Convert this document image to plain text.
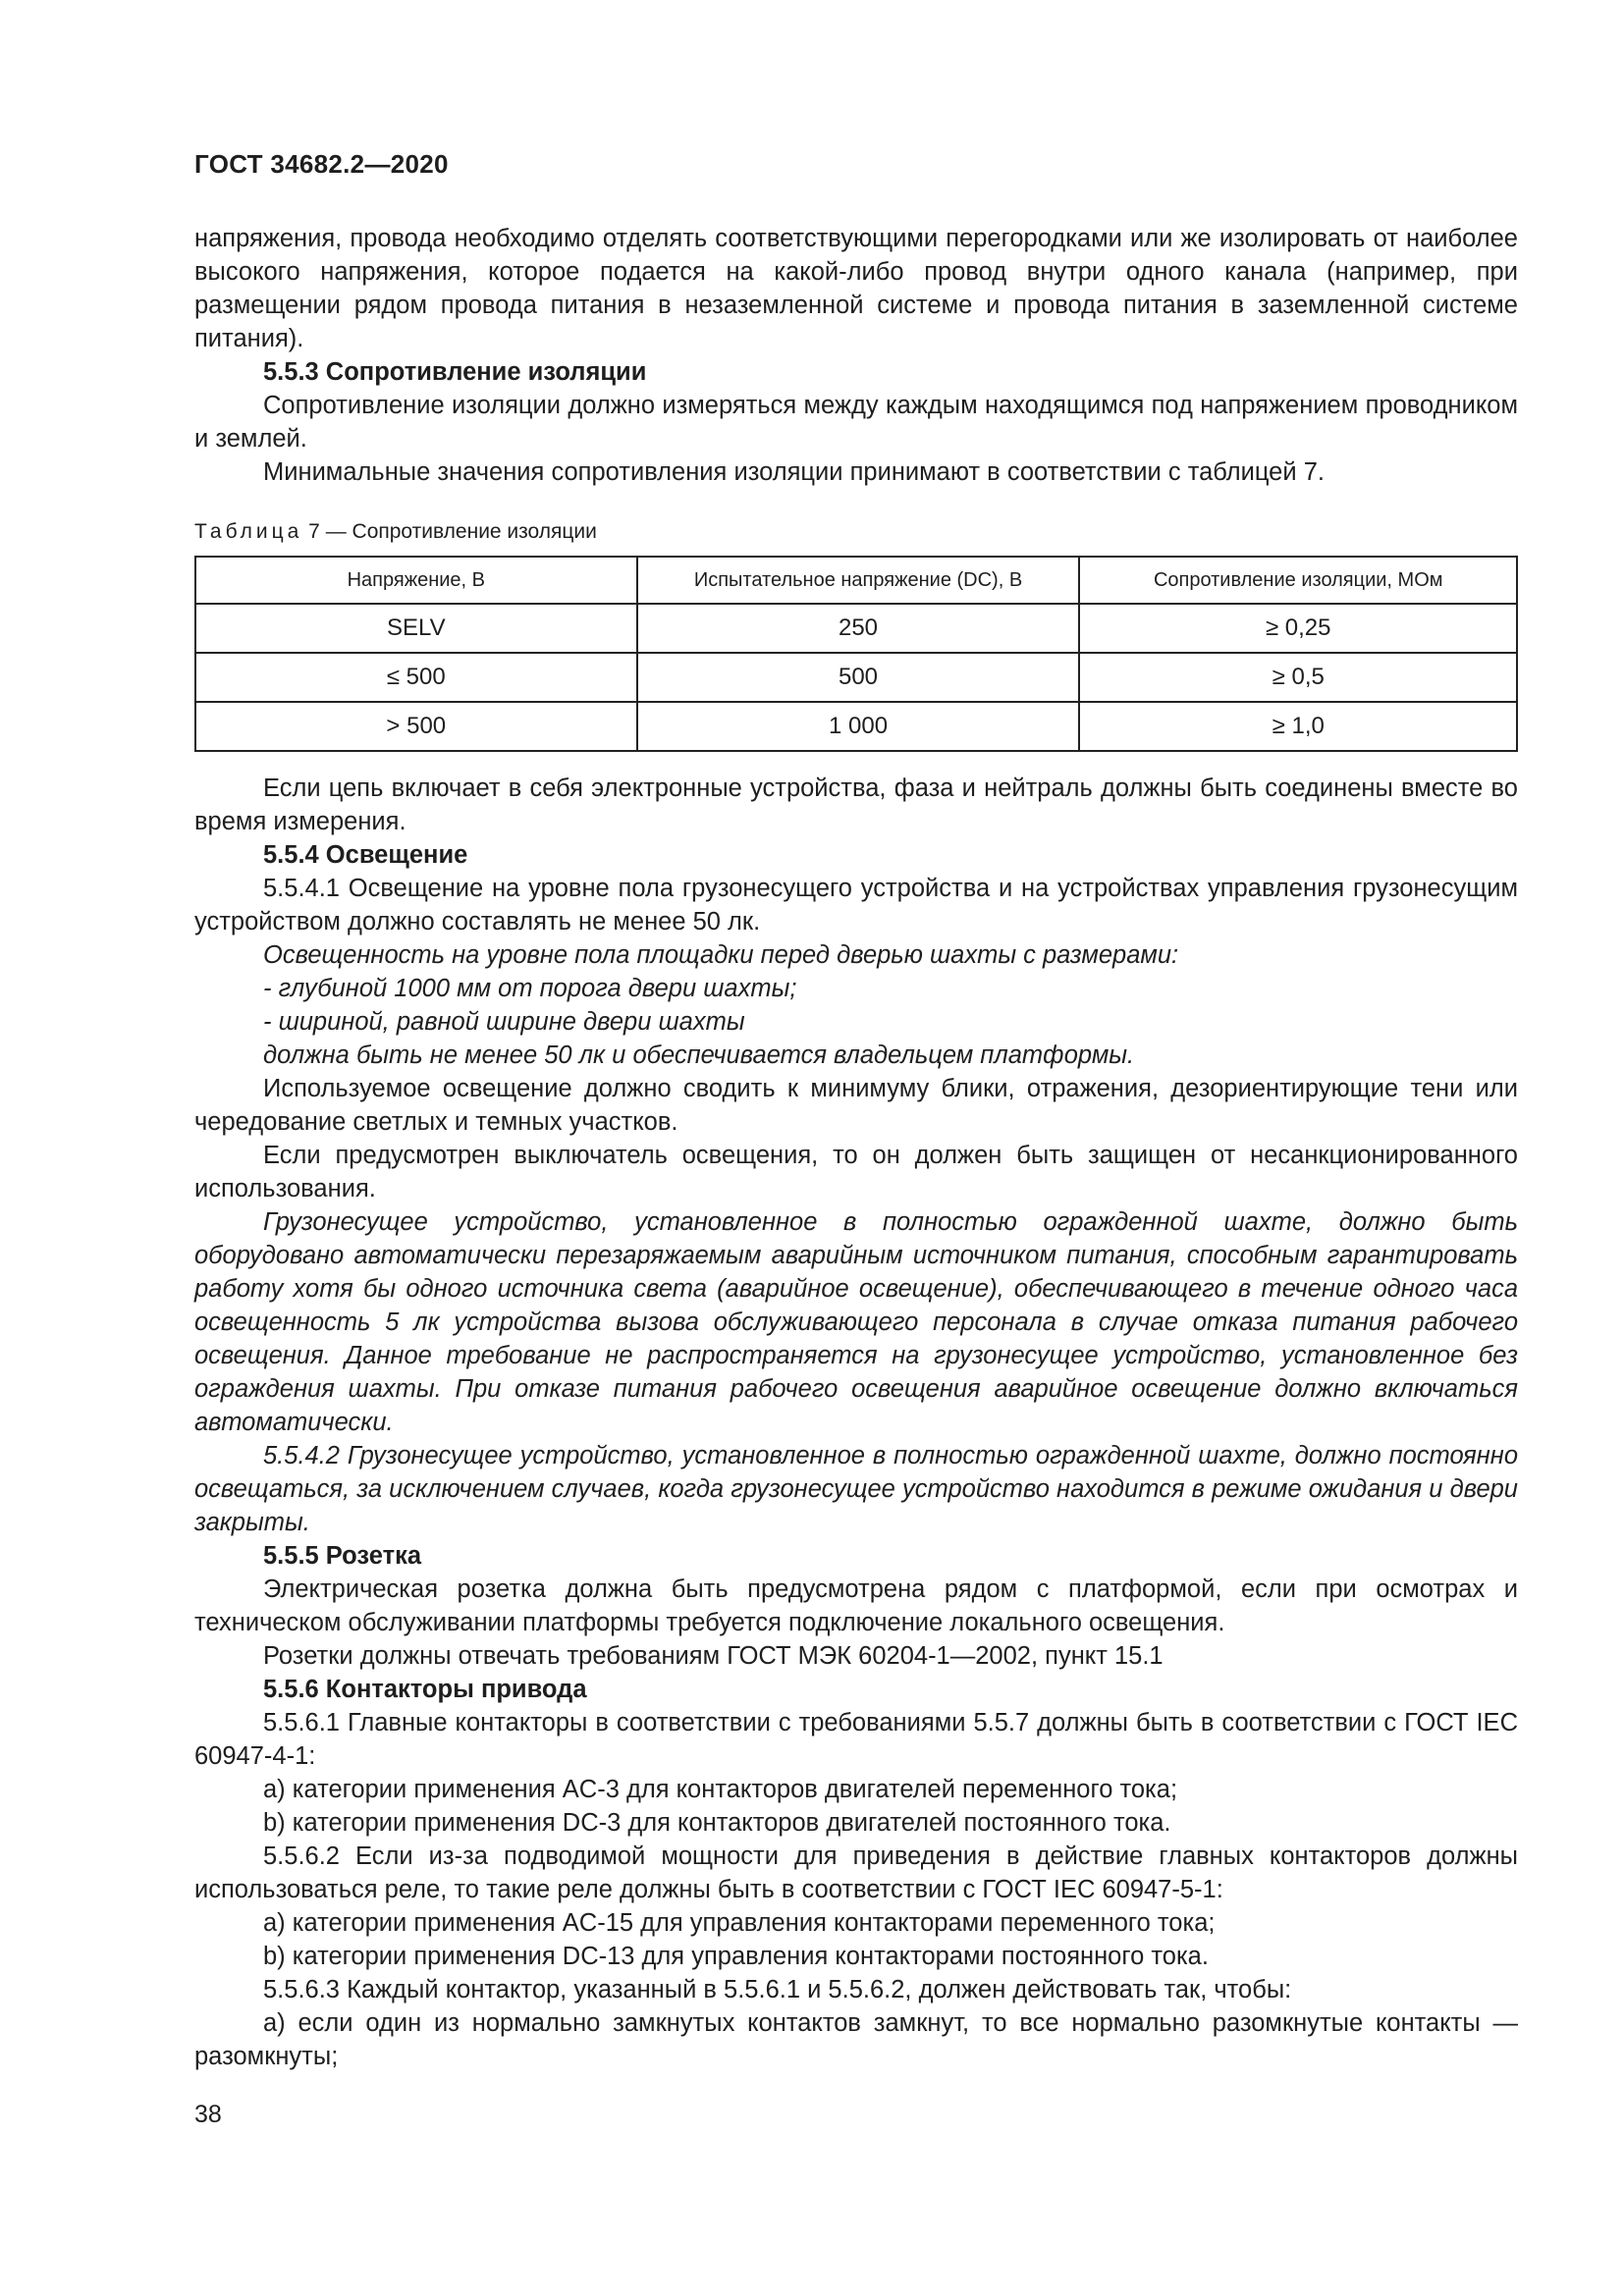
ГОСТ 34682.2—2020

напряжения, провода необходимо отделять соответствующими перегородками или же изолировать от наиболее высокого напряжения, которое подается на какой-либо провод внутри одного канала (например, при размещении рядом провода питания в незаземленной системе и провода питания в заземленной системе питания).

5.5.3 Сопротивление изоляции

Сопротивление изоляции должно измеряться между каждым находящимся под напряжением проводником и землей.

Минимальные значения сопротивления изоляции принимают в соответствии с таблицей 7.

Таблица 7 — Сопротивление изоляции
Напряжение, В	Испытательное напряжение (DC), В	Сопротивление изоляции, МОм
SELV	250	≥ 0,25
≤ 500	500	≥ 0,5
> 500	1 000	≥ 1,0

Если цепь включает в себя электронные устройства, фаза и нейтраль должны быть соединены вместе во время измерения.

5.5.4 Освещение

5.5.4.1 Освещение на уровне пола грузонесущего устройства и на устройствах управления грузонесущим устройством должно составлять не менее 50 лк.

Освещенность на уровне пола площадки перед дверью шахты с размерами:

- глубиной 1000 мм от порога двери шахты;

- шириной, равной ширине двери шахты

должна быть не менее 50 лк и обеспечивается владельцем платформы.

Используемое освещение должно сводить к минимуму блики, отражения, дезориентирующие тени или чередование светлых и темных участков.

Если предусмотрен выключатель освещения, то он должен быть защищен от несанкционированного использования.

Грузонесущее устройство, установленное в полностью огражденной шахте, должно быть оборудовано автоматически перезаряжаемым аварийным источником питания, способным гарантировать работу хотя бы одного источника света (аварийное освещение), обеспечивающего в течение одного часа освещенность 5 лк устройства вызова обслуживающего персонала в случае отказа питания рабочего освещения. Данное требование не распространяется на грузонесущее устройство, установленное без ограждения шахты. При отказе питания рабочего освещения аварийное освещение должно включаться автоматически.

5.5.4.2 Грузонесущее устройство, установленное в полностью огражденной шахте, должно постоянно освещаться, за исключением случаев, когда грузонесущее устройство находится в режиме ожидания и двери закрыты.

5.5.5 Розетка

Электрическая розетка должна быть предусмотрена рядом с платформой, если при осмотрах и техническом обслуживании платформы требуется подключение локального освещения.

Розетки должны отвечать требованиям ГОСТ МЭК 60204-1—2002, пункт 15.1

5.5.6 Контакторы привода

5.5.6.1 Главные контакторы в соответствии с требованиями 5.5.7 должны быть в соответствии с ГОСТ IEC 60947-4-1:

a) категории применения AC-3 для контакторов двигателей переменного тока;

b) категории применения DC-3 для контакторов двигателей постоянного тока.

5.5.6.2 Если из-за подводимой мощности для приведения в действие главных контакторов должны использоваться реле, то такие реле должны быть в соответствии с ГОСТ IEC 60947-5-1:

a) категории применения AC-15 для управления контакторами переменного тока;

b) категории применения DC-13 для управления контакторами постоянного тока.

5.5.6.3 Каждый контактор, указанный в 5.5.6.1 и 5.5.6.2, должен действовать так, чтобы:

a) если один из нормально замкнутых контактов замкнут, то все нормально разомкнутые контакты — разомкнуты;

38
